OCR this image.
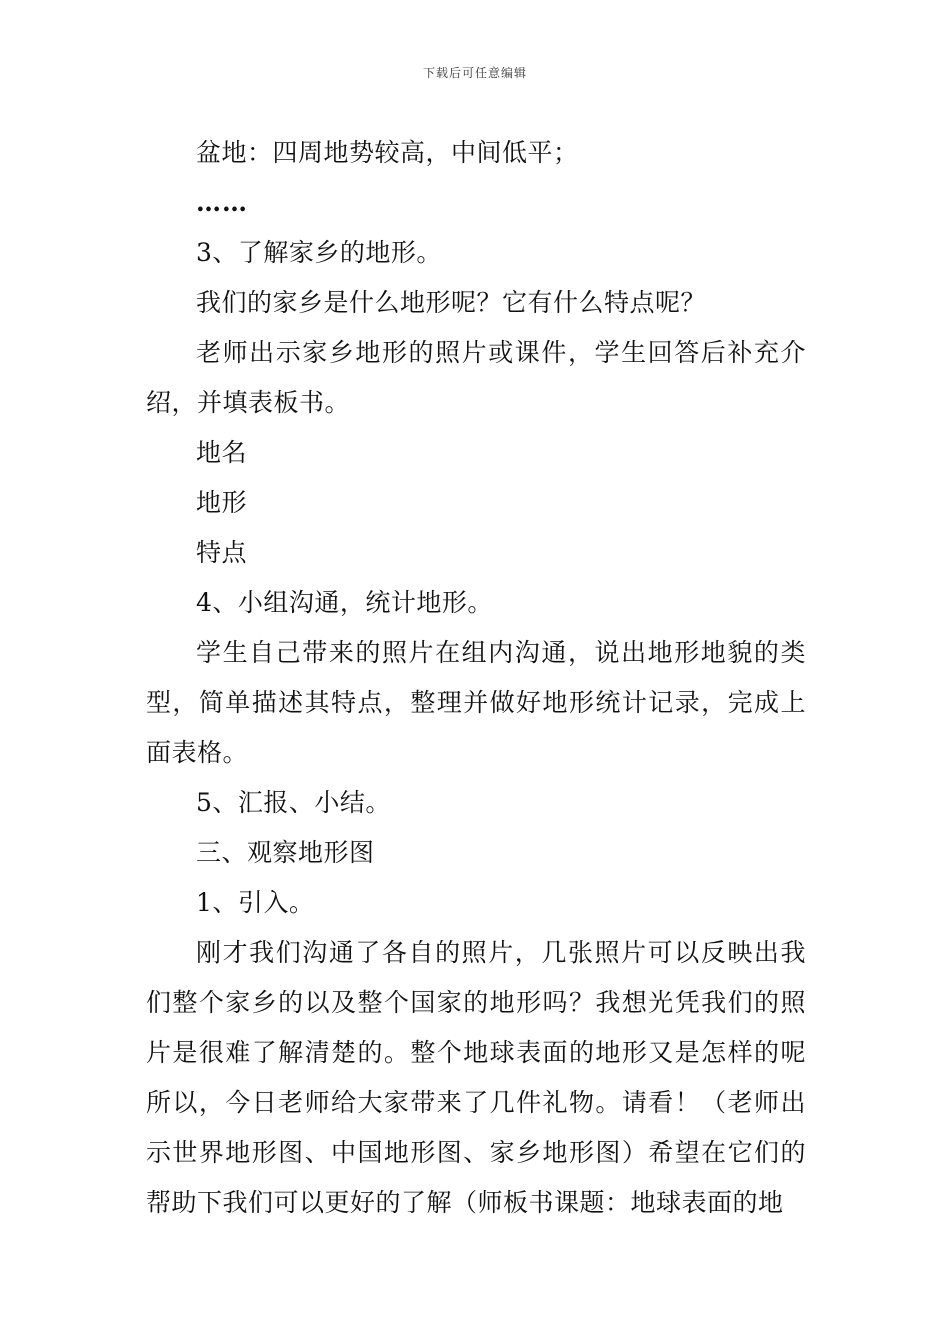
下载后可任意编辑

盆地：四周地势较高，中间低平；

……

3、了解家乡的地形。

我们的家乡是什么地形呢？它有什么特点呢？

老师出示家乡地形的照片或课件，学生回答后补充介绍，并填表板书。

地名

地形

特点

4、小组沟通，统计地形。

学生自己带来的照片在组内沟通，说出地形地貌的类型，简单描述其特点，整理并做好地形统计记录，完成上面表格。

5、汇报、小结。

三、观察地形图

1、引入。

刚才我们沟通了各自的照片，几张照片可以反映出我们整个家乡的以及整个国家的地形吗？我想光凭我们的照片是很难了解清楚的。整个地球表面的地形又是怎样的呢所以，今日老师给大家带来了几件礼物。请看！（老师出示世界地形图、中国地形图、家乡地形图）希望在它们的帮助下我们可以更好的了解（师板书课题：地球表面的地
